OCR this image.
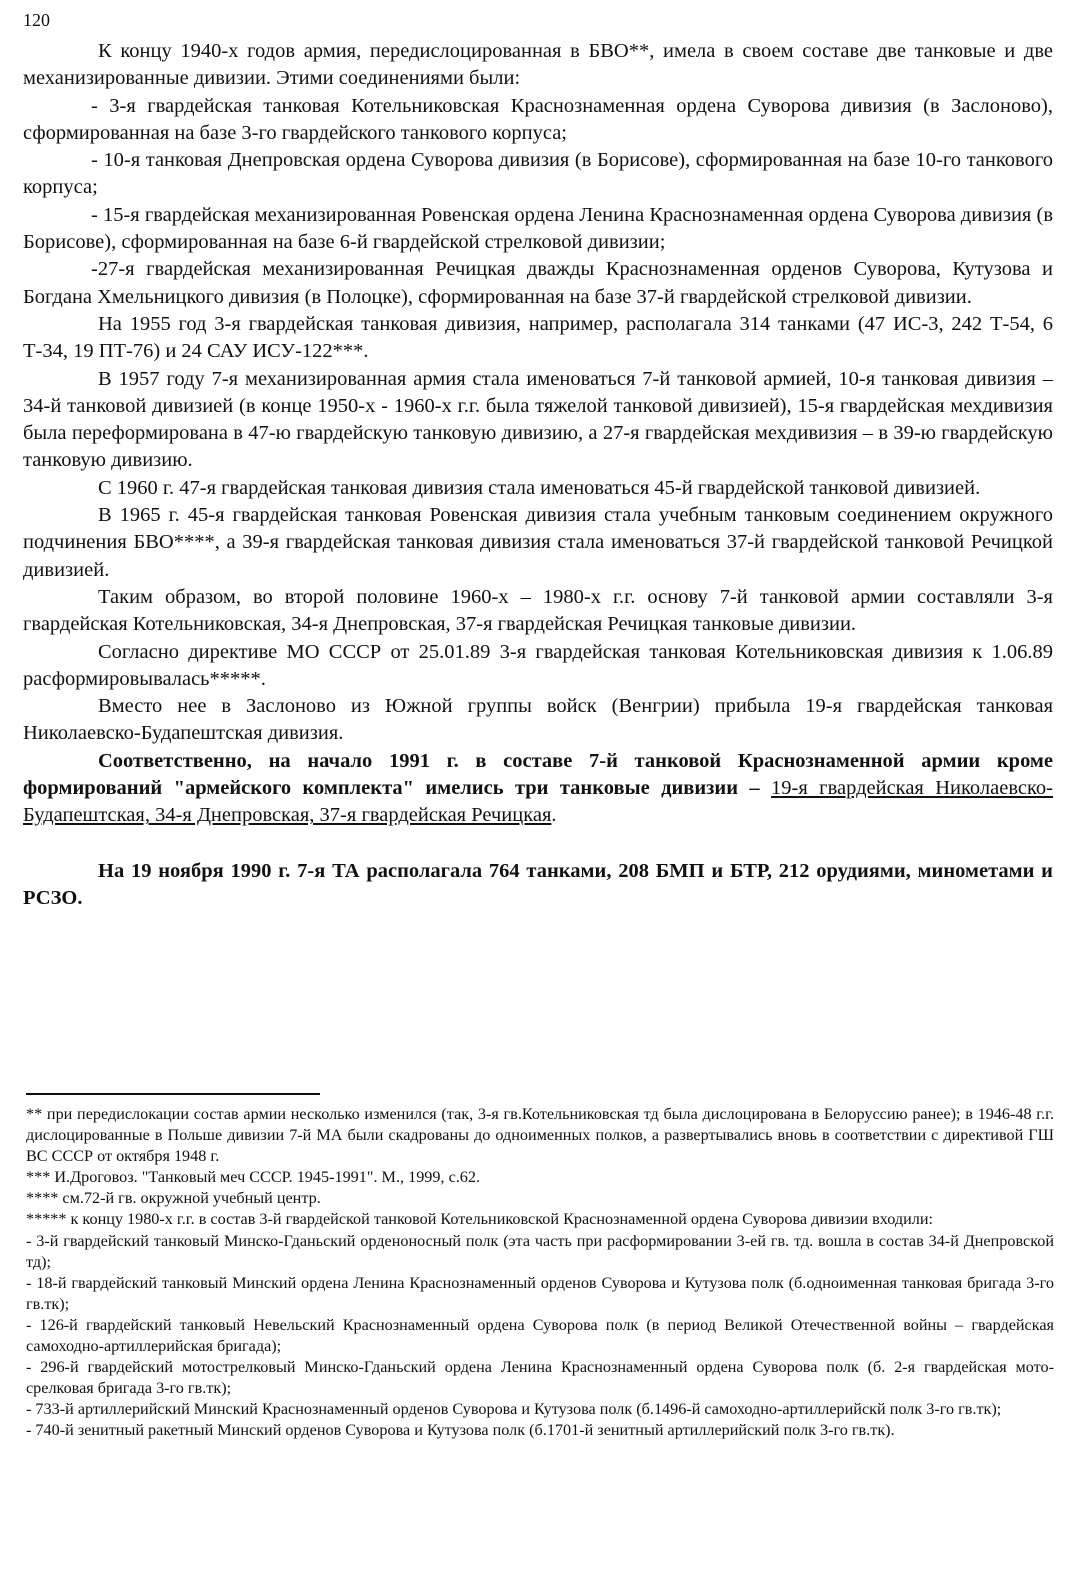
120

К концу 1940-х годов армия, передислоцированная в БВО**, имела в своем составе две танковые и две механизированные дивизии. Этими соединениями были:

- 3-я гвардейская танковая Котельниковская Краснознаменная ордена Суворова дивизия (в Заслоново), сформированная на базе 3-го гвардейского танкового корпуса;

- 10-я танковая Днепровская ордена Суворова дивизия (в Борисове), сформированная на базе 10-го танкового корпуса;

- 15-я гвардейская механизированная Ровенская ордена Ленина Краснознаменная ордена Суворова дивизия (в Борисове), сформированная на базе 6-й гвардейской стрелковой дивизии;

-27-я гвардейская механизированная Речицкая дважды Краснознаменная орденов Суворова, Кутузова и Богдана Хмельницкого дивизия (в Полоцке), сформированная на базе 37-й гвардейской стрелковой дивизии.

На 1955 год 3-я гвардейская танковая дивизия, например, располагала 314 танками (47 ИС-3, 242 Т-54, 6 Т-34, 19 ПТ-76) и 24 САУ ИСУ-122***.

В 1957 году 7-я механизированная армия стала именоваться 7-й танковой армией, 10-я танковая дивизия – 34-й танковой дивизией (в конце 1950-х - 1960-х г.г. была тяжелой танковой дивизией), 15-я гвардейская мехдивизия была переформирована в 47-ю гвардейскую танковую дивизию, а 27-я гвардейская мехдивизия – в 39-ю гвардейскую танковую дивизию.

С 1960 г. 47-я гвардейская танковая дивизия стала именоваться 45-й гвардейской танковой дивизией.

В 1965 г. 45-я гвардейская танковая Ровенская дивизия стала учебным танковым соединением окружного подчинения БВО****, а 39-я гвардейская танковая дивизия стала именоваться 37-й гвардейской танковой Речицкой дивизией.

Таким образом, во второй половине 1960-х – 1980-х г.г. основу 7-й танковой армии составляли 3-я гвардейская Котельниковская, 34-я Днепровская, 37-я гвардейская Речицкая танковые дивизии.

Согласно директиве МО СССР от 25.01.89 3-я гвардейская танковая Котельниковская дивизия к 1.06.89 расформировывалась*****.

Вместо нее в Заслоново из Южной группы войск (Венгрии) прибыла 19-я гвардейская танковая Николаевско-Будапештская дивизия.

Соответственно, на начало 1991 г. в составе 7-й танковой Краснознаменной армии кроме формирований "армейского комплекта" имелись три танковые дивизии – 19-я гвардейская Николаевско-Будапештская, 34-я Днепровская, 37-я гвардейская Речицкая.

На 19 ноября 1990 г. 7-я ТА располагала 764 танками, 208 БМП и БТР, 212 орудиями, минометами и РСЗО.

** при передислокации состав армии несколько изменился (так, 3-я гв.Котельниковская тд была дислоцирована в Белоруссию ранее); в 1946-48 г.г. дислоцированные в Польше дивизии 7-й МА были скадрованы до одноименных полков, а развертывались вновь в соответствии с директивой ГШ ВС СССР от октября 1948 г.

*** И.Дроговоз. "Танковый меч СССР. 1945-1991". М., 1999, с.62.

**** см.72-й гв. окружной учебный центр.

***** к концу 1980-х г.г. в состав 3-й гвардейской танковой Котельниковской Краснознаменной ордена Суворова дивизии входили:

- 3-й гвардейский танковый Минско-Гданьский орденоносный полк (эта часть при расформировании 3-ей гв. тд. вошла в состав 34-й Днепровской тд);

- 18-й гвардейский танковый Минский ордена Ленина Краснознаменный орденов Суворова и Кутузова полк (б.одноименная танковая бригада 3-го гв.тк);

- 126-й гвардейский танковый Невельский Краснознаменный ордена Суворова полк (в период Великой Отечественной войны – гвардейская самоходно-артиллерийская бригада);

- 296-й гвардейский мотострелковый Минско-Гданьский ордена Ленина Краснознаменный ордена Суворова полк (б. 2-я гвардейская мото-срелковая бригада 3-го гв.тк);

- 733-й артиллерийский Минский Краснознаменный орденов Суворова и Кутузова полк (б.1496-й самоходно-артиллерийскй полк 3-го гв.тк);

- 740-й зенитный ракетный Минский орденов Суворова и Кутузова полк (б.1701-й зенитный артиллерийский полк 3-го гв.тк).
